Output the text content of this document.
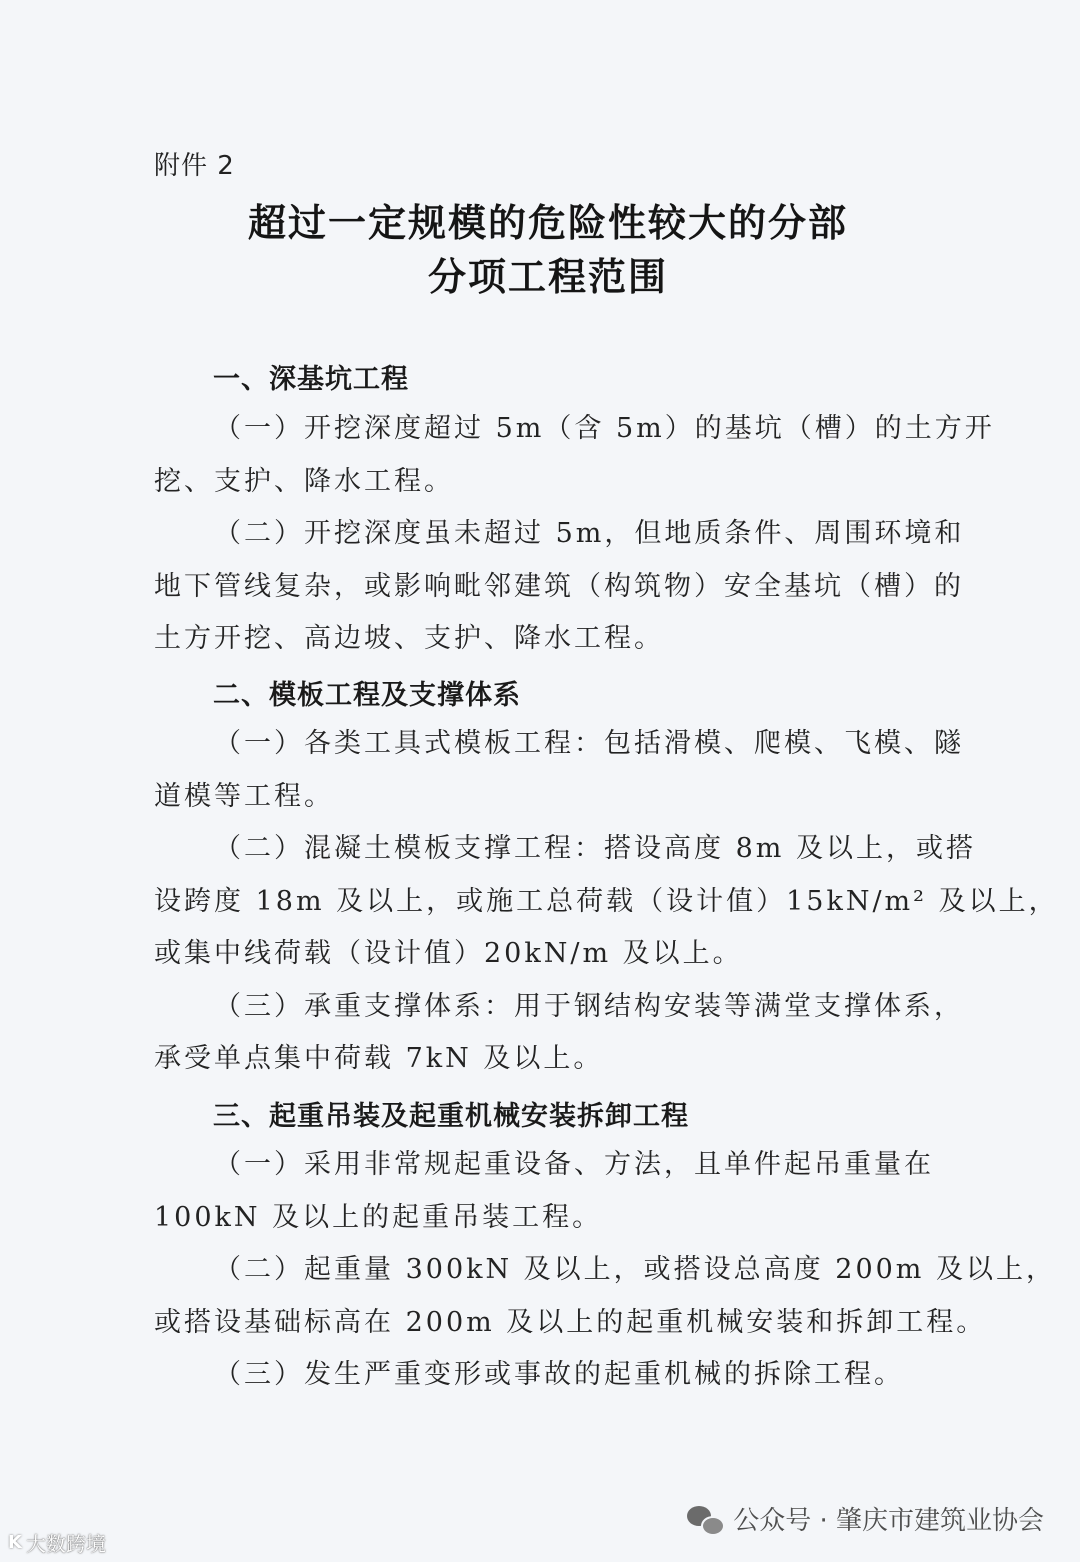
附件 2
超过一定规模的危险性较大的分部
分项工程范围
一、深基坑工程
（一）开挖深度超过 5m（含 5m）的基坑（槽）的土方开
挖、支护、降水工程。
（二）开挖深度虽未超过 5m，但地质条件、周围环境和
地下管线复杂，或影响毗邻建筑（构筑物）安全基坑（槽）的
土方开挖、高边坡、支护、降水工程。
二、模板工程及支撑体系
（一）各类工具式模板工程：包括滑模、爬模、飞模、隧
道模等工程。
（二）混凝土模板支撑工程：搭设高度 8m 及以上，或搭
设跨度 18m 及以上，或施工总荷载（设计值）15kN/m² 及以上，
或集中线荷载（设计值）20kN/m 及以上。
（三）承重支撑体系：用于钢结构安装等满堂支撑体系，
承受单点集中荷载 7kN 及以上。
三、起重吊装及起重机械安装拆卸工程
（一）采用非常规起重设备、方法，且单件起吊重量在
100kN 及以上的起重吊装工程。
（二）起重量 300kN 及以上，或搭设总高度 200m 及以上，
或搭设基础标高在 200m 及以上的起重机械安装和拆卸工程。
（三）发生严重变形或事故的起重机械的拆除工程。
K 大数跨境
公众号 · 肇庆市建筑业协会
